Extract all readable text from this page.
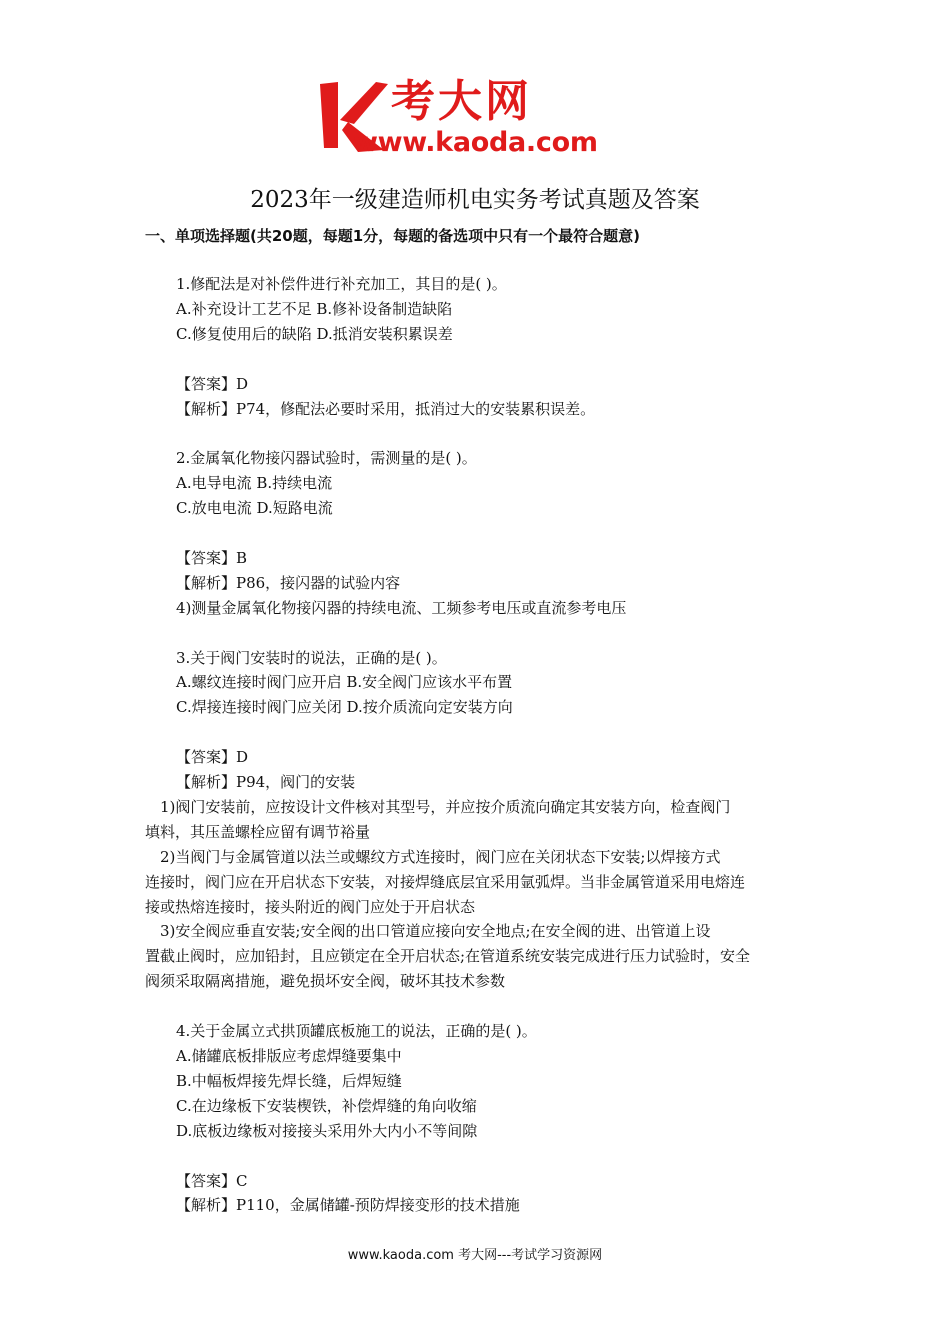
考大网
www.kaoda.com
2023年一级建造师机电实务考试真题及答案
一、单项选择题(共20题，每题1分，每题的备选项中只有一个最符合题意)

1.修配法是对补偿件进行补充加工，其目的是( )。

A.补充设计工艺不足 B.修补设备制造缺陷

C.修复使用后的缺陷 D.抵消安装积累误差

【答案】D

【解析】P74，修配法必要时采用，抵消过大的安装累积误差。

2.金属氧化物接闪器试验时，需测量的是( )。

A.电导电流 B.持续电流

C.放电电流 D.短路电流

【答案】B

【解析】P86，接闪器的试验内容

4)测量金属氧化物接闪器的持续电流、工频参考电压或直流参考电压

3.关于阀门安装时的说法，正确的是( )。

A.螺纹连接时阀门应开启 B.安全阀门应该水平布置

C.焊接连接时阀门应关闭 D.按介质流向定安装方向

【答案】D

【解析】P94，阀门的安装

　1)阀门安装前，应按设计文件核对其型号，并应按介质流向确定其安装方向，检查阀门

填料，其压盖螺栓应留有调节裕量

　2)当阀门与金属管道以法兰或螺纹方式连接时，阀门应在关闭状态下安装;以焊接方式

连接时，阀门应在开启状态下安装，对接焊缝底层宜采用氩弧焊。当非金属管道采用电熔连

接或热熔连接时，接头附近的阀门应处于开启状态

　3)安全阀应垂直安装;安全阀的出口管道应接向安全地点;在安全阀的进、出管道上设

置截止阀时，应加铅封，且应锁定在全开启状态;在管道系统安装完成进行压力试验时，安全

阀须采取隔离措施，避免损坏安全阀，破坏其技术参数

4.关于金属立式拱顶罐底板施工的说法，正确的是( )。

A.储罐底板排版应考虑焊缝要集中

B.中幅板焊接先焊长缝，后焊短缝

C.在边缘板下安装楔铁，补偿焊缝的角向收缩

D.底板边缘板对接接头采用外大内小不等间隙

【答案】C

【解析】P110，金属储罐-预防焊接变形的技术措施

www.kaoda.com 考大网---考试学习资源网
